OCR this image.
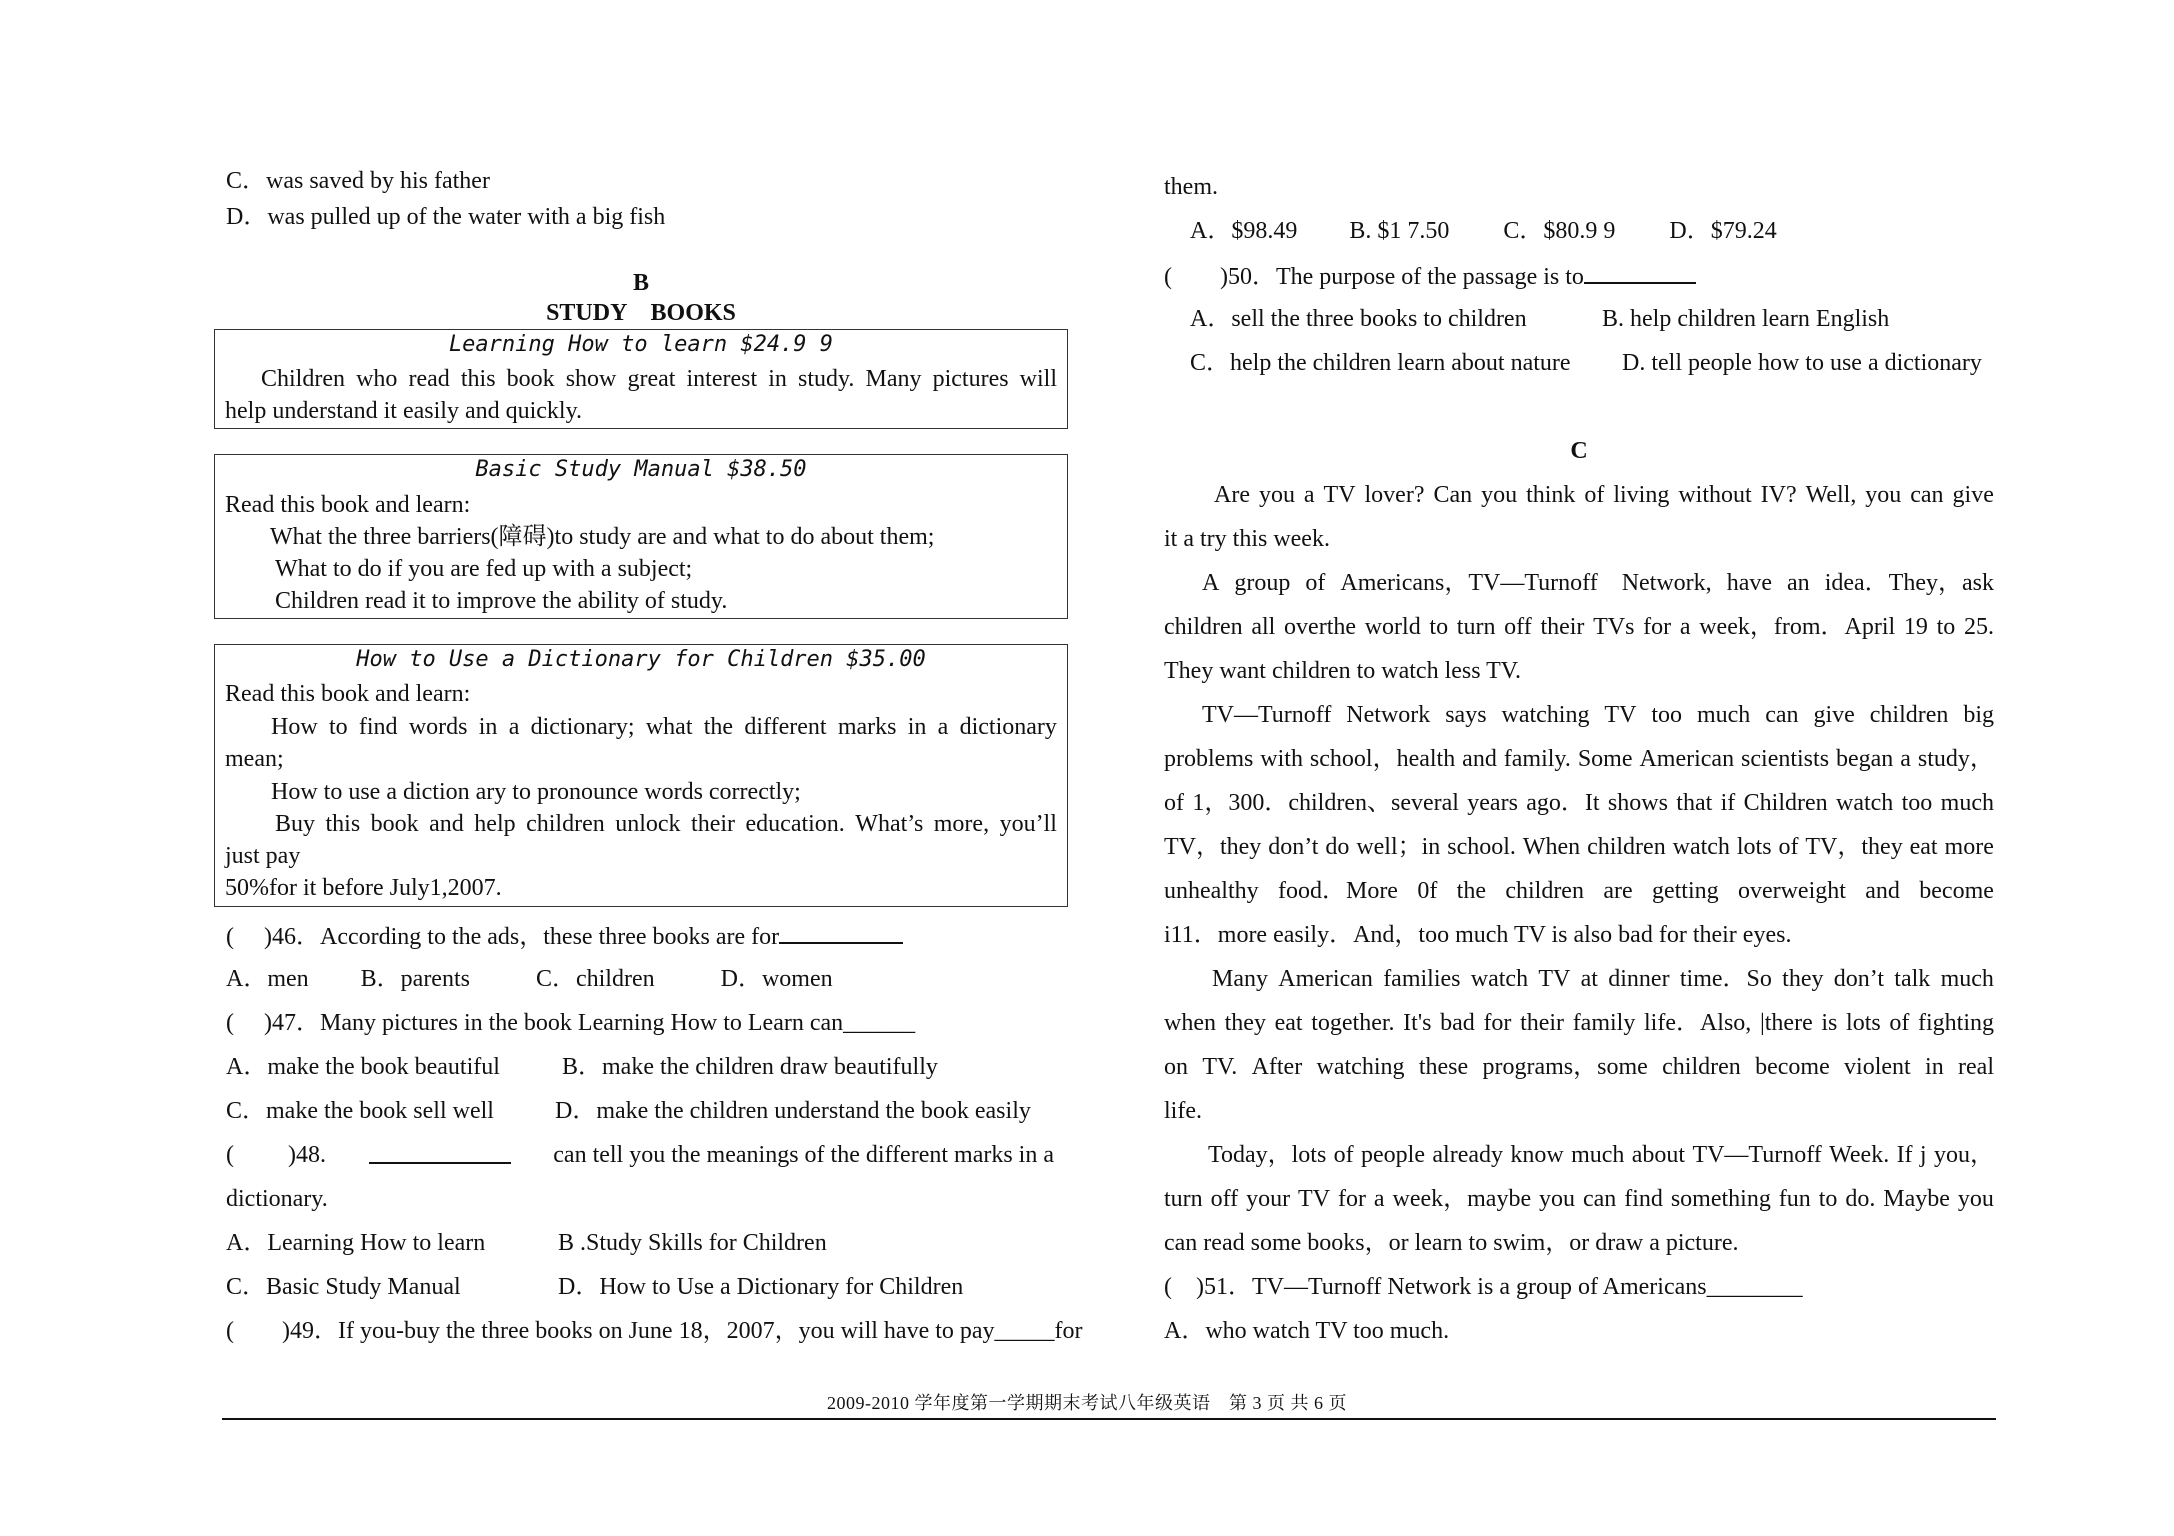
C．was saved by his father
D．was pulled up of the water with a big fish
B
STUDY　BOOKS
Learning How to learn $24.9 9
Children who read this book show great interest in study. Many pictures will
help understand it easily and quickly.
Basic Study Manual $38.50
Read this book and learn:
What the three barriers(障碍)to study are and what to do about them;
What to do if you are fed up with a subject;
Children read it to improve the ability of study.
How to Use a Dictionary for Children $35.00
Read this book and learn:
How to find words in a dictionary; what the different marks in a dictionary
mean;
How to use a diction ary to pronounce words correctly;
Buy this book and help children unlock their education. What’s more, you’ll
just pay
50%for it before July1,2007.
(　 )46．According to the ads，these three books are for
A．men B．parents	C．children	D．women
(　 )47．Many pictures in the book Learning How to Learn can______
A．make the book beautiful	B．make the children draw beautifully
C．make the book sell well	D．make the children understand the book easily
(　　 )48.	can tell you the meanings of the different marks in a
dictionary.
A．Learning How to learn	B .Study Skills for Children
C．Basic Study Manual	D．How to Use a Dictionary for Children
(　　)49．If you-buy the three books on June 18，2007，you will have to pay_____for
them.
A．$98.49 B. $1 7.50 C．$80.9 9 D．$79.24
(　　)50．The purpose of the passage is to
A．sell the three books to children	B. help children learn English
C．help the children learn about nature D. tell people how to use a dictionary
C
Are you a TV lover? Can you think of living without IV? Well, you can give
it a try this week.
A group of Americans，TV—Turnoff　Network, have an idea．They，ask
children all overthe world to turn off their TVs for a week，from．April 19 to 25.
They want children to watch less TV.
TV—Turnoff Network says watching TV too much can give children big
problems with school，health and family. Some American scientists began a study，
of 1，300．children、several years ago．It shows that if Children watch too much
TV，they don’t do well；in school. When children watch lots of TV，they eat more
unhealthy food．More 0f the children are getting overweight and become
i11．more easily．And，too much TV is also bad for their eyes.
Many American families watch TV at dinner time．So they don’t talk much
when they eat together. It's bad for their family life．Also, |there is lots of fighting
on TV. After watching these programs，some children become violent in real
life.
Today，lots of people already know much about TV—Turnoff Week. If j you，
turn off your TV for a week，maybe you can find something fun to do. Maybe you
can read some books，or learn to swim，or draw a picture.
(　)51．TV—Turnoff Network is a group of Americans________
A．who watch TV too much.
2009-2010 学年度第一学期期末考试八年级英语　第 3 页 共 6 页
